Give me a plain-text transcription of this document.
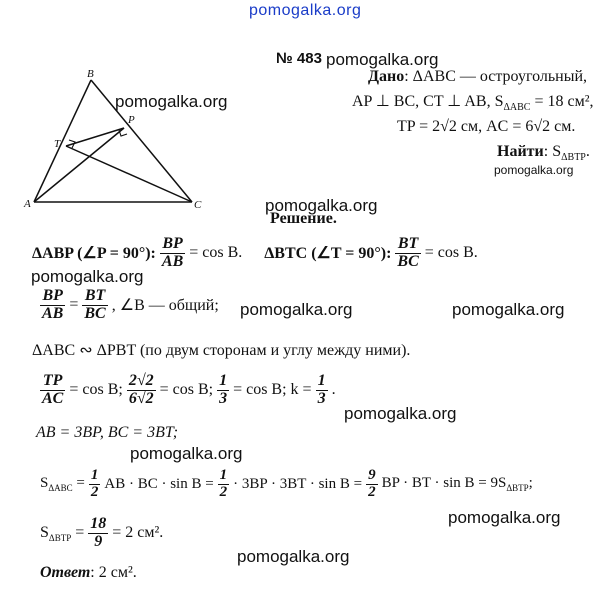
pomogalka.org
B
P
T
A	C
№ 483
Дано: ΔABC — остроугольный,
AP ⊥ BC, CT ⊥ AB, $S_{\Delta ABC} = 18$ см²,
TP = 2√2 см, AC = 6√2 см.
Найти: $S_{\Delta BTP}$.
Решение.
ΔABP (∠P = 90°): $\frac{BP}{AB} = \cos B$. ΔBTC (∠T = 90°): $\frac{BT}{BC} = \cos B$.
$\frac{BP}{AB} = \frac{BT}{BC}$ , ∠B — общий;
ΔABC ∾ ΔPBT (по двум сторонам и углу между ними).
$\frac{TP}{AC} = \cos B$; $\frac{2√2}{6√2} = \cos B$; $\frac{1}{3} = \cos B$; $k = \frac{1}{3}$ .
AB = 3BP, BC = 3BT;
$S_{\Delta ABC} = \frac{1}{2}$ AB · BC · $\sin B = \frac{1}{2} \cdot 3BP \cdot 3BT \cdot \sin B = \frac{9}{2}$ BP · BT · $\sin B = 9S_{\Delta BTP}$;
$S_{\Delta BTP} = \frac{18}{9} = 2$ см².
Ответ: 2 см².
pomogalka.org
pomogalka.org
pomogalka.org
pomogalka.org
pomogalka.org
pomogalka.org	pomogalka.org
pomogalka.org
pomogalka.org
pomogalka.org
pomogalka.org
